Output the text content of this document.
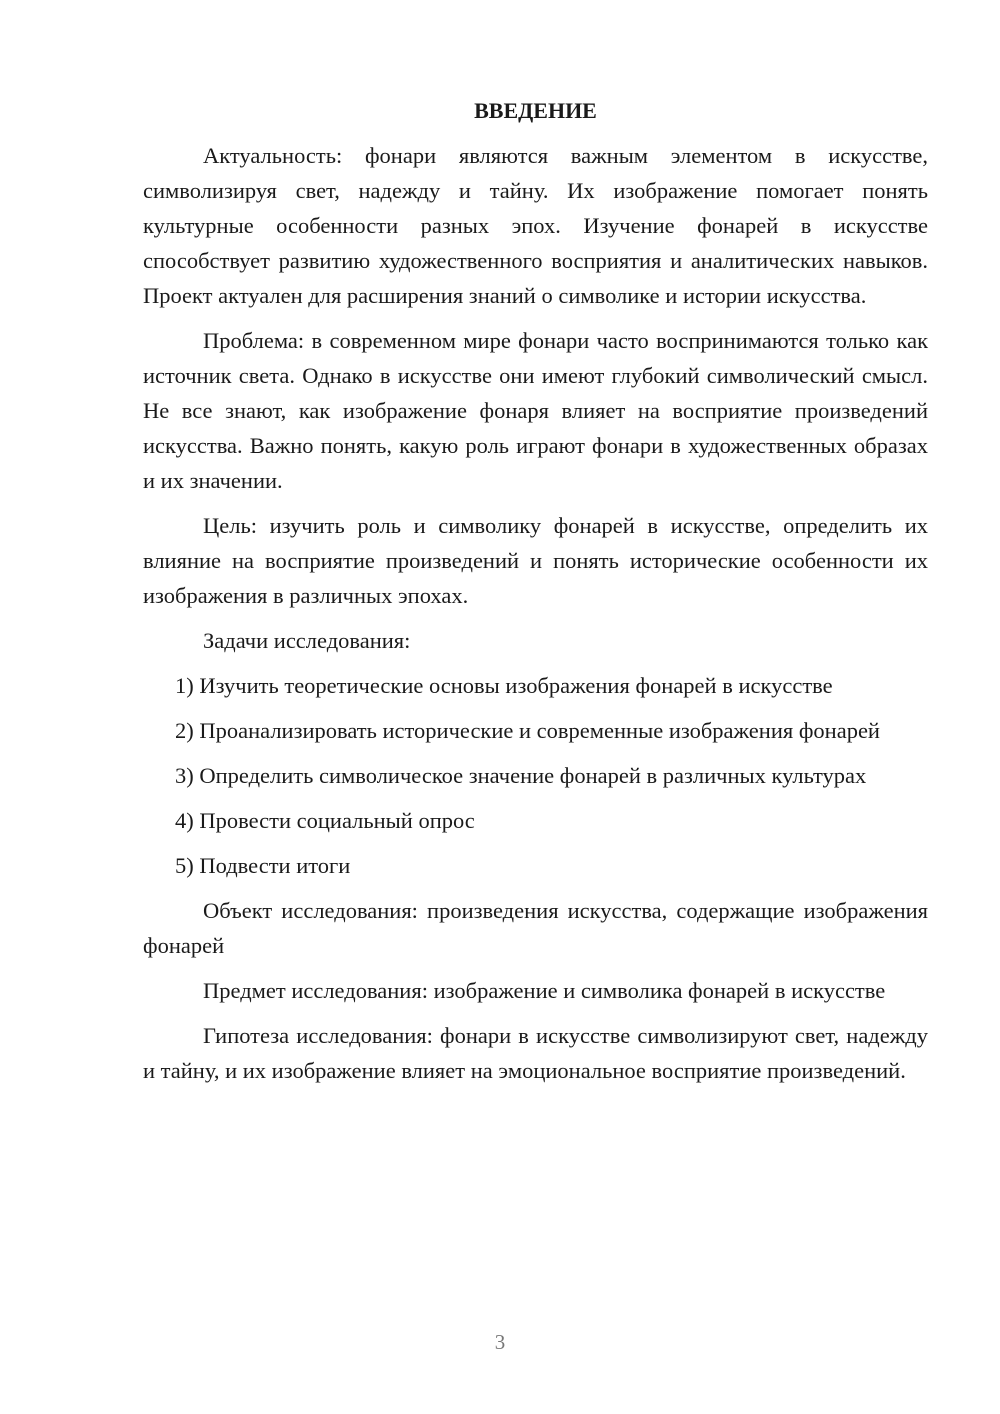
ВВЕДЕНИЕ

Актуальность: фонари являются важным элементом в искусстве, символизируя свет, надежду и тайну. Их изображение помогает понять культурные особенности разных эпох. Изучение фонарей в искусстве способствует развитию художественного восприятия и аналитических навыков. Проект актуален для расширения знаний о символике и истории искусства.

Проблема: в современном мире фонари часто воспринимаются только как источник света. Однако в искусстве они имеют глубокий символический смысл. Не все знают, как изображение фонаря влияет на восприятие произведений искусства. Важно понять, какую роль играют фонари в художественных образах и их значении.

Цель: изучить роль и символику фонарей в искусстве, определить их влияние на восприятие произведений и понять исторические особенности их изображения в различных эпохах.

Задачи исследования:

1) Изучить теоретические основы изображения фонарей в искусстве

2) Проанализировать исторические и современные изображения фонарей

3) Определить символическое значение фонарей в различных культурах

4) Провести социальный опрос

5) Подвести итоги

Объект исследования: произведения искусства, содержащие изображения фонарей

Предмет исследования: изображение и символика фонарей в искусстве

Гипотеза исследования: фонари в искусстве символизируют свет, надежду и тайну, и их изображение влияет на эмоциональное восприятие произведений.

3
